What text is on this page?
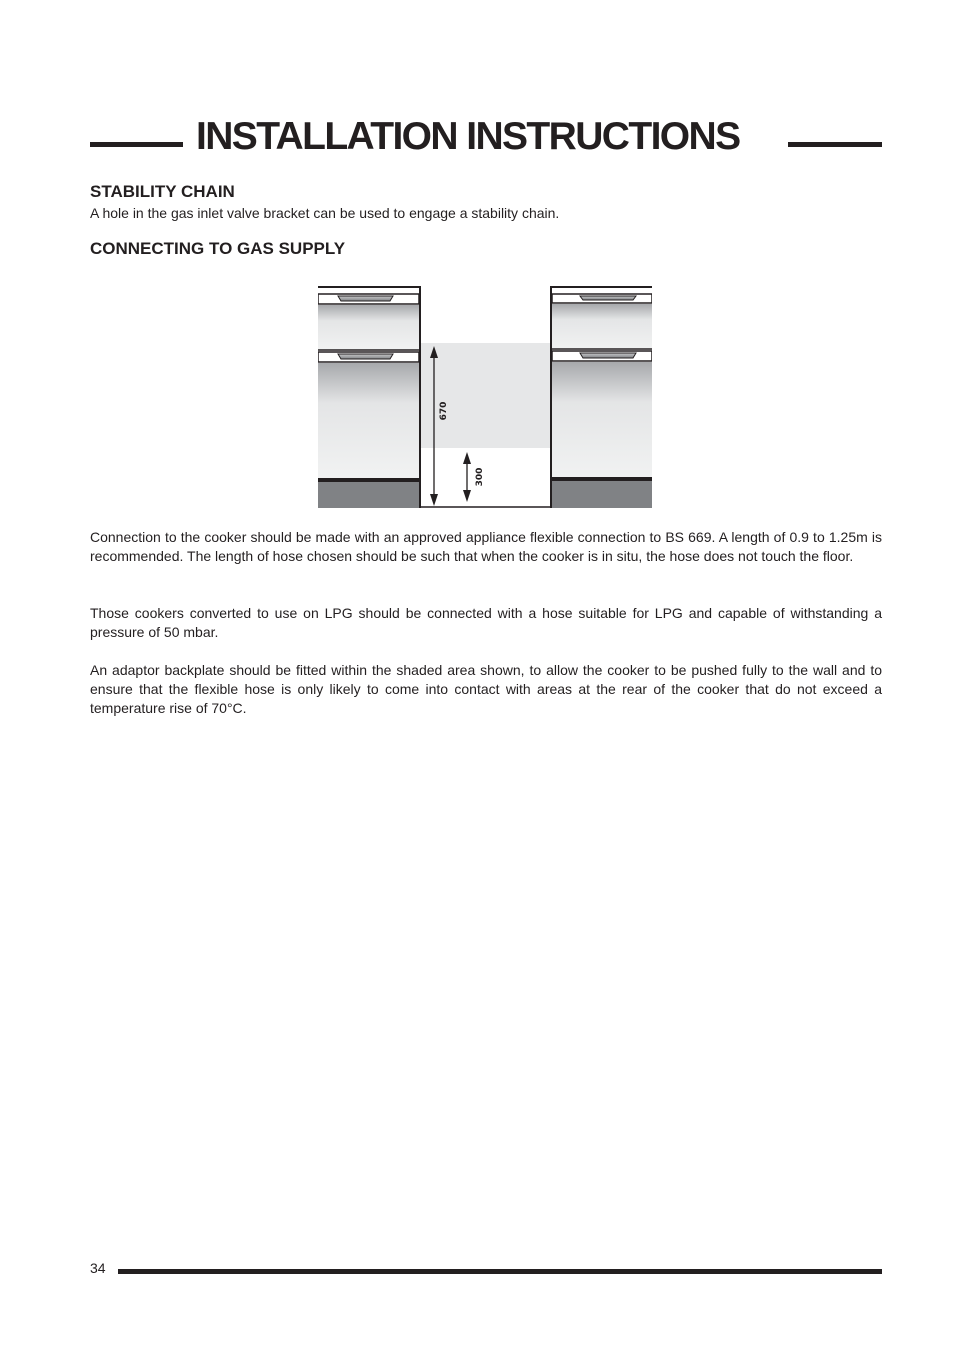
INSTALLATION INSTRUCTIONS
STABILITY CHAIN

A hole in the gas inlet valve bracket can be used to engage a stability chain.

CONNECTING TO GAS SUPPLY
670
300

Connection to the cooker should be made with an approved appliance flexible connection to BS 669. A length of 0.9 to 1.25m is recommended. The length of hose chosen should be such that when the cooker is in situ, the hose does not touch the floor.

Those cookers converted to use on LPG should be connected with a hose suitable for LPG and capable of withstanding a pressure of 50 mbar.

An adaptor backplate should be fitted within the shaded area shown, to allow the cooker to be pushed fully to the wall and to ensure that the flexible hose is only likely to come into contact with areas at the rear of the cooker that do not exceed a temperature rise of 70°C.

34
